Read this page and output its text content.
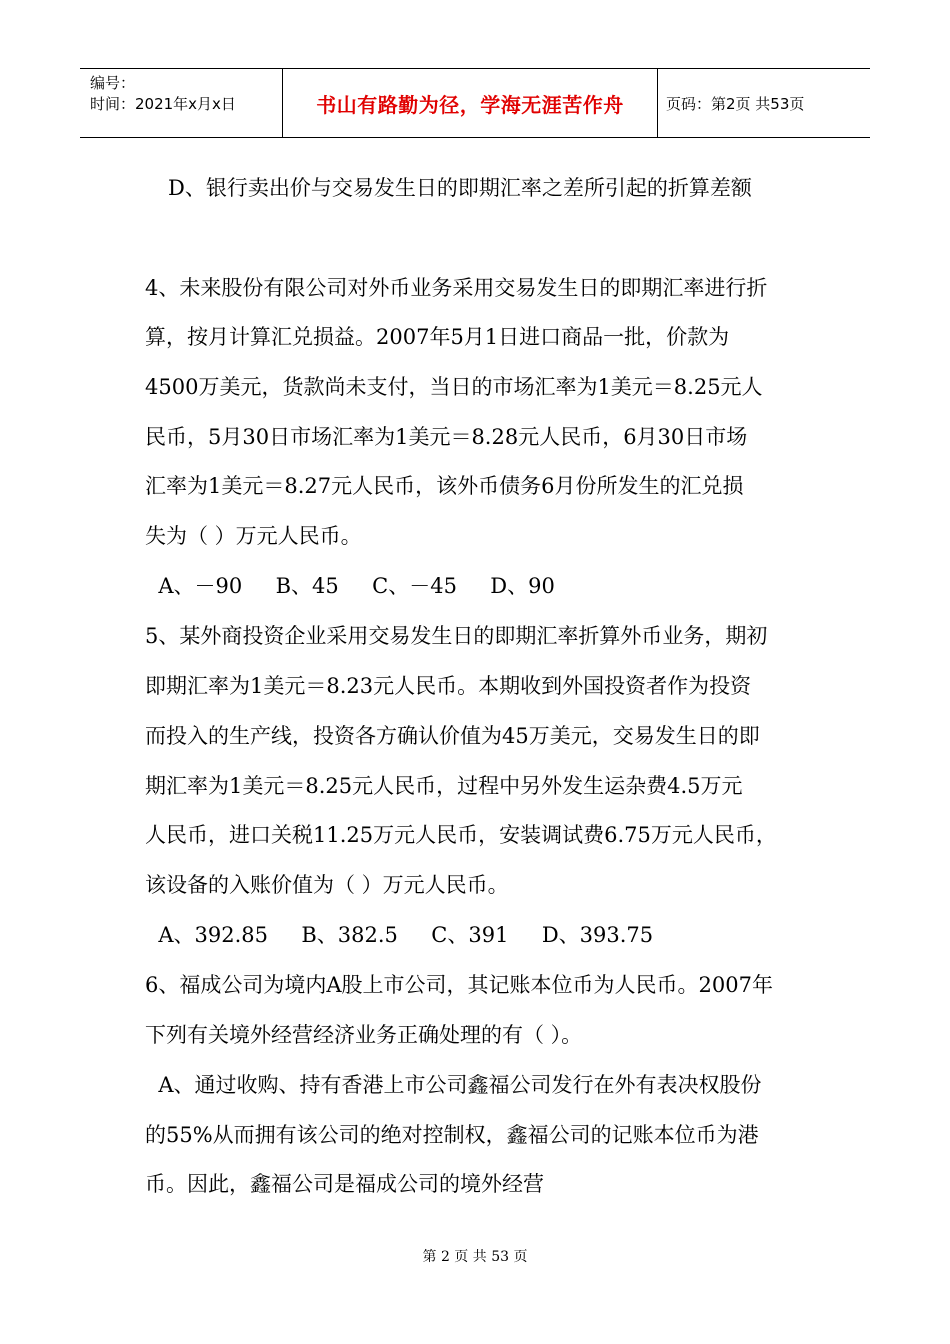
编号：
时间：2021年x月x日	书山有路勤为径，学海无涯苦作舟	页码：第2页 共53页
D、银行卖出价与交易发生日的即期汇率之差所引起的折算差额
4、未来股份有限公司对外币业务采用交易发生日的即期汇率进行折
算，按月计算汇兑损益。2007年5月1日进口商品一批，价款为
4500万美元，货款尚未支付，当日的市场汇率为1美元＝8.25元人
民币，5月30日市场汇率为1美元＝8.28元人民币，6月30日市场
汇率为1美元＝8.27元人民币，该外币债务6月份所发生的汇兑损
失为（ ）万元人民币。
A、－90     B、45     C、－45     D、90
5、某外商投资企业采用交易发生日的即期汇率折算外币业务，期初
即期汇率为1美元＝8.23元人民币。本期收到外国投资者作为投资
而投入的生产线，投资各方确认价值为45万美元，交易发生日的即
期汇率为1美元＝8.25元人民币，过程中另外发生运杂费4.5万元
人民币，进口关税11.25万元人民币，安装调试费6.75万元人民币，
该设备的入账价值为（ ）万元人民币。
A、392.85     B、382.5     C、391     D、393.75
6、福成公司为境内A股上市公司，其记账本位币为人民币。2007年
下列有关境外经营经济业务正确处理的有（ ）。
A、通过收购、持有香港上市公司鑫福公司发行在外有表决权股份
的55%从而拥有该公司的绝对控制权，鑫福公司的记账本位币为港
币。因此，鑫福公司是福成公司的境外经营
第 2 页 共 53 页
